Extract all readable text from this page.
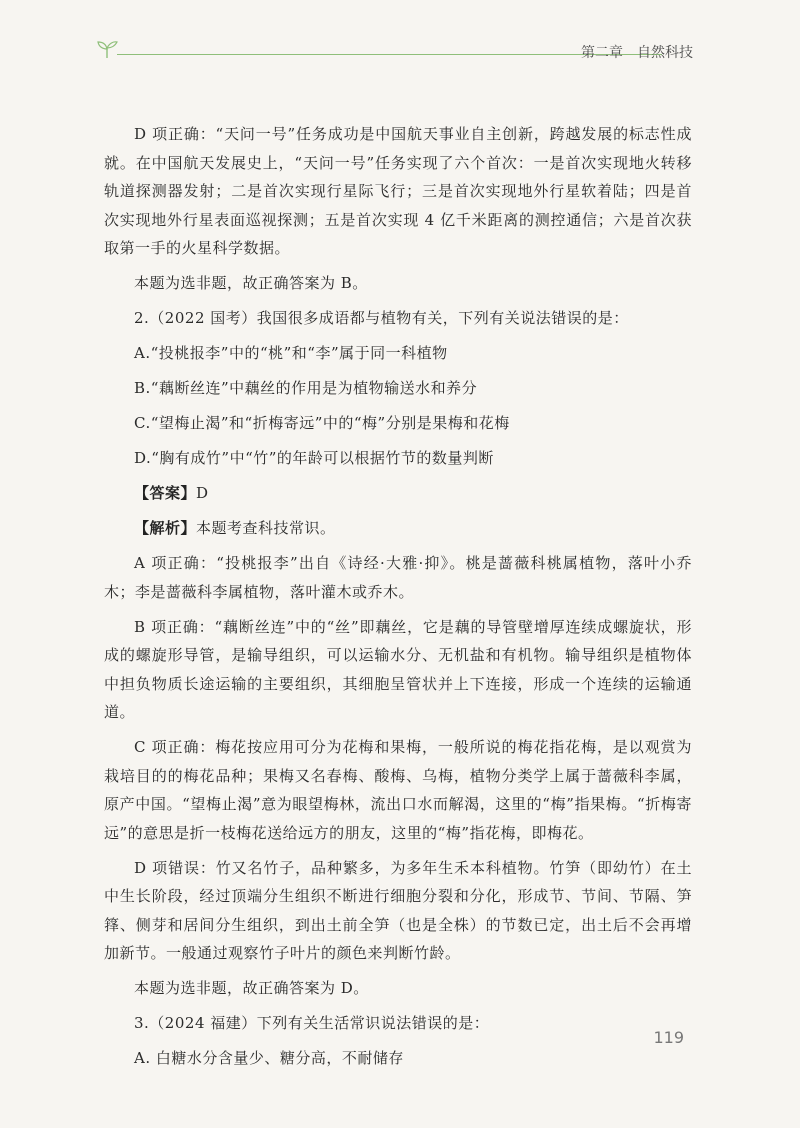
第二章　自然科技

D 项正确：“天问一号”任务成功是中国航天事业自主创新，跨越发展的标志性成就。在中国航天发展史上，“天问一号”任务实现了六个首次：一是首次实现地火转移轨道探测器发射；二是首次实现行星际飞行；三是首次实现地外行星软着陆；四是首次实现地外行星表面巡视探测；五是首次实现 4 亿千米距离的测控通信；六是首次获取第一手的火星科学数据。

本题为选非题，故正确答案为 B。

2.（2022 国考）我国很多成语都与植物有关，下列有关说法错误的是：

A.“投桃报李”中的“桃”和“李”属于同一科植物

B.“藕断丝连”中藕丝的作用是为植物输送水和养分

C.“望梅止渴”和“折梅寄远”中的“梅”分别是果梅和花梅

D.“胸有成竹”中“竹”的年龄可以根据竹节的数量判断

【答案】D

【解析】本题考查科技常识。

A 项正确：“投桃报李”出自《诗经·大雅·抑》。桃是蔷薇科桃属植物，落叶小乔木；李是蔷薇科李属植物，落叶灌木或乔木。

B 项正确：“藕断丝连”中的“丝”即藕丝，它是藕的导管壁增厚连续成螺旋状，形成的螺旋形导管，是输导组织，可以运输水分、无机盐和有机物。输导组织是植物体中担负物质长途运输的主要组织，其细胞呈管状并上下连接，形成一个连续的运输通道。

C 项正确：梅花按应用可分为花梅和果梅，一般所说的梅花指花梅，是以观赏为栽培目的的梅花品种；果梅又名春梅、酸梅、乌梅，植物分类学上属于蔷薇科李属，原产中国。“望梅止渴”意为眼望梅林，流出口水而解渴，这里的“梅”指果梅。“折梅寄远”的意思是折一枝梅花送给远方的朋友，这里的“梅”指花梅，即梅花。

D 项错误：竹又名竹子，品种繁多，为多年生禾本科植物。竹笋（即幼竹）在土中生长阶段，经过顶端分生组织不断进行细胞分裂和分化，形成节、节间、节隔、笋箨、侧芽和居间分生组织，到出土前全笋（也是全株）的节数已定，出土后不会再增加新节。一般通过观察竹子叶片的颜色来判断竹龄。

本题为选非题，故正确答案为 D。

3.（2024 福建）下列有关生活常识说法错误的是：

A. 白糖水分含量少、糖分高，不耐储存

119
